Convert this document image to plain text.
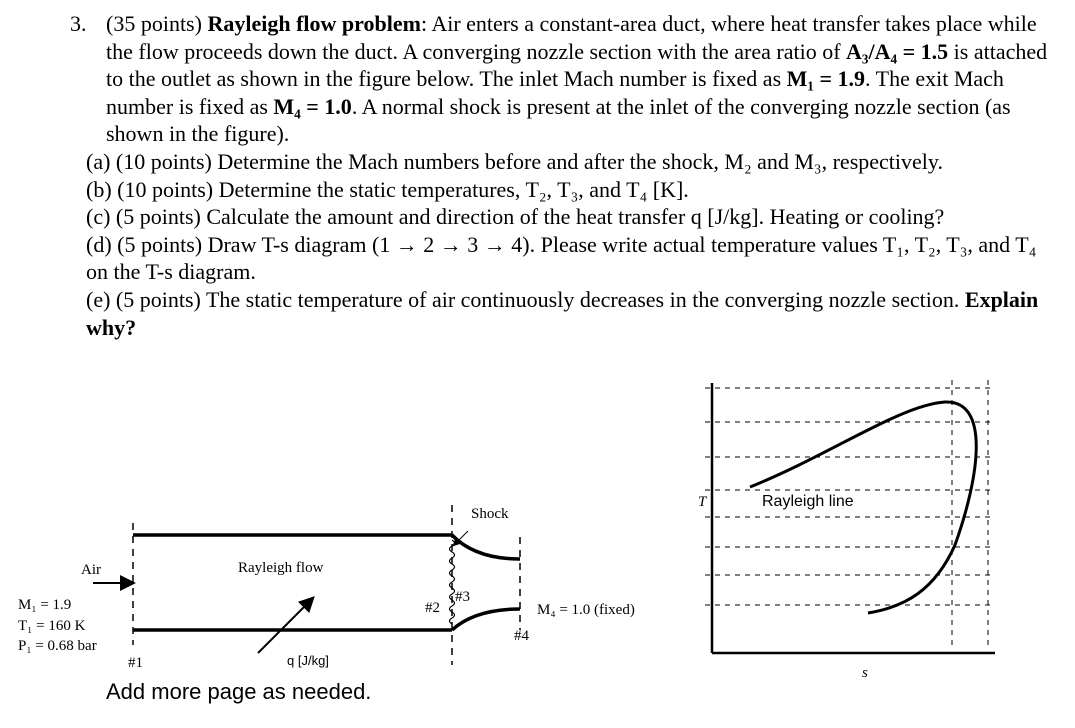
3. (35 points) Rayleigh flow problem: Air enters a constant-area duct, where heat transfer takes place while the flow proceeds down the duct. A converging nozzle section with the area ratio of A₃/A₄ = 1.5 is attached to the outlet as shown in the figure below. The inlet Mach number is fixed as M₁ = 1.9. The exit Mach number is fixed as M₄ = 1.0. A normal shock is present at the inlet of the converging nozzle section (as shown in the figure).
(a) (10 points) Determine the Mach numbers before and after the shock, M₂ and M₃, respectively.
(b) (10 points) Determine the static temperatures, T₂, T₃, and T₄ [K].
(c) (5 points) Calculate the amount and direction of the heat transfer q [J/kg]. Heating or cooling?
(d) (5 points) Draw T-s diagram (1 → 2 → 3 → 4). Please write actual temperature values T₁, T₂, T₃, and T₄ on the T-s diagram.
(e) (5 points) The static temperature of air continuously decreases in the converging nozzle section. Explain why?
Air
M₁ = 1.9
T₁ = 160 K
P₁ = 0.68 bar
#1
Rayleigh flow
q [J/kg]
Shock
#2
#3
#4
M₄ = 1.0 (fixed)
T	Rayleigh line
s
Add more page as needed.
